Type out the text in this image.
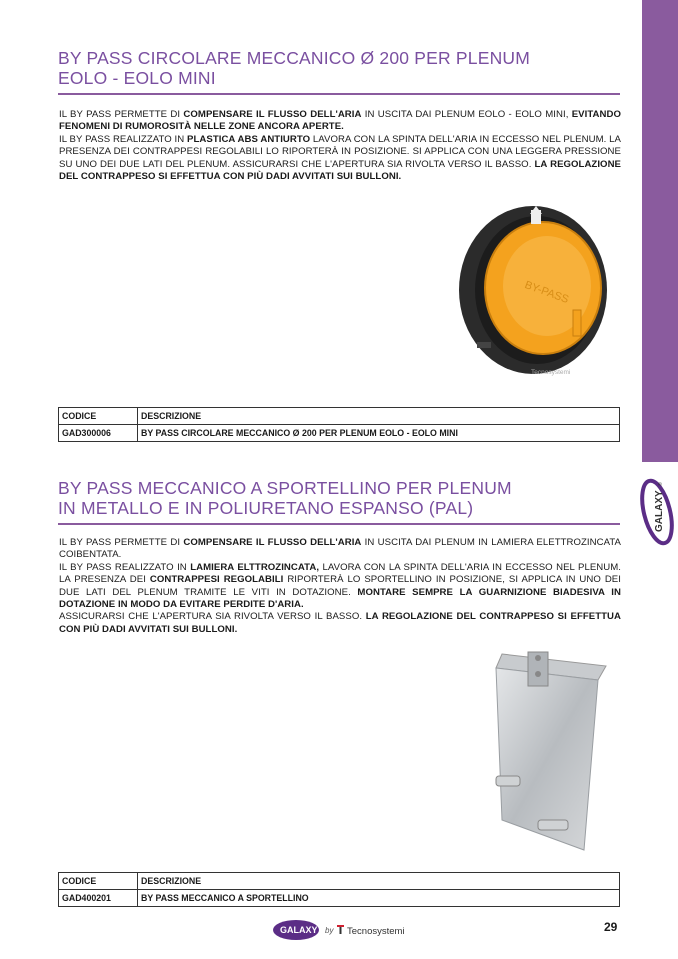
GALAXY
®
BY PASS CIRCOLARE MECCANICO Ø 200 PER PLENUM
EOLO - EOLO MINI

IL BY PASS PERMETTE DI COMPENSARE IL FLUSSO DELL'ARIA IN USCITA DAI PLENUM EOLO - EOLO MINI, EVITANDO FENOMENI DI RUMOROSITÀ NELLE ZONE ANCORA APERTE.

IL BY PASS REALIZZATO IN PLASTICA ABS ANTIURTO LAVORA CON LA SPINTA DELL'ARIA IN ECCESSO NEL PLENUM. LA PRESENZA DEI CONTRAPPESI REGOLABILI LO RIPORTERÀ IN POSIZIONE. SI APPLICA CON UNA LEGGERA PRESSIONE SU UNO DEI DUE LATI DEL PLENUM. ASSICURARSI CHE L'APERTURA SIA RIVOLTA VERSO IL BASSO. LA REGOLAZIONE DEL CONTRAPPESO SI EFFETTUA CON PIÙ DADI AVVITATI SUI BULLONI.

BY-PASS
Tecnosystemi
CODICE	DESCRIZIONE
GAD300006	BY PASS CIRCOLARE MECCANICO Ø 200 PER PLENUM EOLO - EOLO MINI
BY PASS MECCANICO A SPORTELLINO PER PLENUM
IN METALLO E IN POLIURETANO ESPANSO (PAL)

IL BY PASS PERMETTE DI COMPENSARE IL FLUSSO DELL'ARIA IN USCITA DAI PLENUM IN LAMIERA ELETTROZINCATA COIBENTATA.

IL BY PASS REALIZZATO IN LAMIERA ELTTROZINCATA, LAVORA CON LA SPINTA DELL'ARIA IN ECCESSO NEL PLENUM. LA PRESENZA DEI CONTRAPPESI REGOLABILI RIPORTERÀ LO SPORTELLINO IN POSIZIONE, SI APPLICA IN UNO DEI DUE LATI DEL PLENUM TRAMITE LE VITI IN DOTAZIONE. MONTARE SEMPRE LA GUARNIZIONE BIADESIVA IN DOTAZIONE IN MODO DA EVITARE PERDITE D'ARIA.

ASSICURARSI CHE L'APERTURA SIA RIVOLTA VERSO IL BASSO. LA REGOLAZIONE DEL CONTRAPPESO SI EFFETTUA CON PIÙ DADI AVVITATI SUI BULLONI.

CODICE	DESCRIZIONE
GAD400201	BY PASS MECCANICO A SPORTELLINO
GALAXY by Tecnosystemi	29
